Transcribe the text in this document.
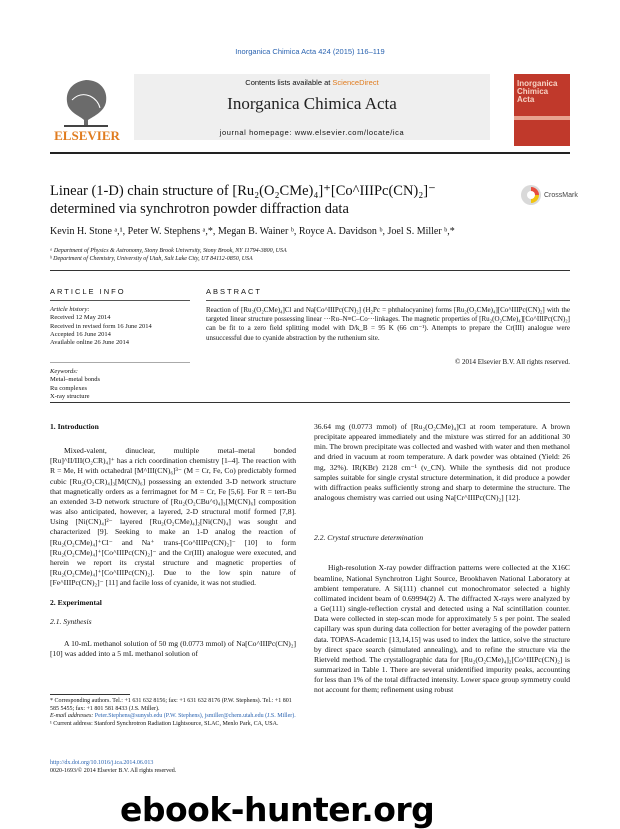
Inorganica Chimica Acta 424 (2015) 116–119
ELSEVIER
Contents lists available at ScienceDirect
Inorganica Chimica Acta
journal homepage: www.elsevier.com/locate/ica
Inorganica Chimica Acta
Linear (1-D) chain structure of [Ru₂(O₂CMe)₄]⁺[Co^IIIPc(CN)₂]⁻
determined via synchrotron powder diffraction data
CrossMark
Kevin H. Stone ᵃ,¹, Peter W. Stephens ᵃ,*, Megan B. Wainer ᵇ, Royce A. Davidson ᵇ, Joel S. Miller ᵇ,*
ᵃ Department of Physics & Astronomy, Stony Brook University, Stony Brook, NY 11794-3800, USA
ᵇ Department of Chemistry, University of Utah, Salt Lake City, UT 84112-0850, USA
ARTICLE INFO
Article history:
Received 12 May 2014
Received in revised form 16 June 2014
Accepted 16 June 2014
Available online 26 June 2014
Keywords:
Metal–metal bonds
Ru complexes
X-ray structure
ABSTRACT
Reaction of [Ru₂(O₂CMe)₄]Cl and Na[Co^IIIPc(CN)₂] (H₂Pc = phthalocyanine) forms [Ru₂(O₂CMe)₄][Co^IIIPc(CN)₂] with the targeted linear structure possessing linear ···Ru–N≡C–Co···linkages. The magnetic properties of [Ru₂(O₂CMe)₄][Co^IIIPc(CN)₂] can be fit to a zero field splitting model with D/k_B = 95 K (66 cm⁻¹). Attempts to prepare the Cr(III) analogue were unsuccessful due to cyanide abstraction by the ruthenium site.
© 2014 Elsevier B.V. All rights reserved.

1. Introduction

Mixed-valent, dinuclear, multiple metal–metal bonded [Ru]^II/III(O₂CR)₄]⁺ has a rich coordination chemistry [1–4]. The reaction with R = Me, H with octahedral [M^III(CN)₆]³⁻ (M = Cr, Fe, Co) predictably formed cubic [Ru₂(O₂CR)₄]₃[M(CN)₆] possessing an extended 3-D network structure that magnetically orders as a ferrimagnet for M = Cr, Fe [5,6]. For R = tert-Bu an extended 3-D network structure of [Ru₂(O₂CBu^t)₄]₃[M(CN)₆] composition was also anticipated, however, a layered, 2-D structural motif formed [7,8]. Using [Ni(CN)₄]²⁻ layered [Ru₂(O₂CMe)₄]₂[Ni(CN)₄] was sought and characterized [9]. Seeking to make an 1-D analog the reaction of [Ru₂(O₂CMe)₄]⁺Cl⁻ and Na⁺ trans-[Co^IIIPc(CN)₂]⁻ [10] to form [Ru₂(O₂CMe)₄]⁺[Co^IIIPc(CN)₂]⁻ and the Cr(III) analogue were executed, and herein we report its crystal structure and magnetic properties of [Ru₂(O₂CMe)₄]⁺[Co^IIIPc(CN)₂]. Due to the low spin nature of [Fe^IIIPc(CN)₂]⁻ [11] and facile loss of cyanide, it was not studied.

2. Experimental

2.1. Synthesis

A 10-mL methanol solution of 50 mg (0.0773 mmol) of Na[Co^IIIPc(CN)₂] [10] was added into a 5 mL methanol solution of

36.64 mg (0.0773 mmol) of [Ru₂(O₂CMe)₄]Cl at room temperature. A brown precipitate appeared immediately and the mixture was stirred for an additional 30 min. The brown precipitate was collected and washed with water and then methanol and dried in vacuum at room temperature. A dark powder was obtained (Yield: 26 mg, 32%). IR(KBr) 2128 cm⁻¹ (ν_CN). While the synthesis did not produce samples suitable for single crystal structure determination, it did produce a powder with diffraction peaks sufficiently strong and sharp to determine the structure. The analogous chemistry was carried out using Na[Cr^IIIPc(CN)₂] [12].

2.2. Crystal structure determination

High-resolution X-ray powder diffraction patterns were collected at the X16C beamline, National Synchrotron Light Source, Brookhaven National Laboratory at ambient temperature. A Si(111) channel cut monochromator selected a highly collimated incident beam of 0.69994(2) Å. The diffracted X-rays were analyzed by a Ge(111) single-reflection crystal and detected using a NaI scintillation counter. Data were collected in step-scan mode for approximately 5 s per point. The sealed capillary was spun during data collection for better averaging of the powder pattern data. TOPAS-Academic [13,14,15] was used to index the lattice, solve the structure by direct space search (simulated annealing), and to refine the structure via the Rietveld method. The crystallographic data for [Ru₂(O₂CMe)₄]₂[Co^IIIPc(CN)₂] is summarized in Table 1. There are several unidentified impurity peaks, accounting for less than 1% of the total diffracted intensity. Lower space group symmetry could not account for them; refinement using robust

* Corresponding authors. Tel.: +1 631 632 8156; fax: +1 631 632 8176 (P.W. Stephens). Tel.: +1 801 585 5455; fax: +1 801 581 8433 (J.S. Miller).
E-mail addresses: Peter.Stephens@sunysb.edu (P.W. Stephens), jsmiller@chem.utah.edu (J.S. Miller).
¹ Current address: Stanford Synchrotron Radiation Lightsource, SLAC, Menlo Park, CA, USA.
http://dx.doi.org/10.1016/j.ica.2014.06.013
0020-1693/© 2014 Elsevier B.V. All rights reserved.
ebook-hunter.org
